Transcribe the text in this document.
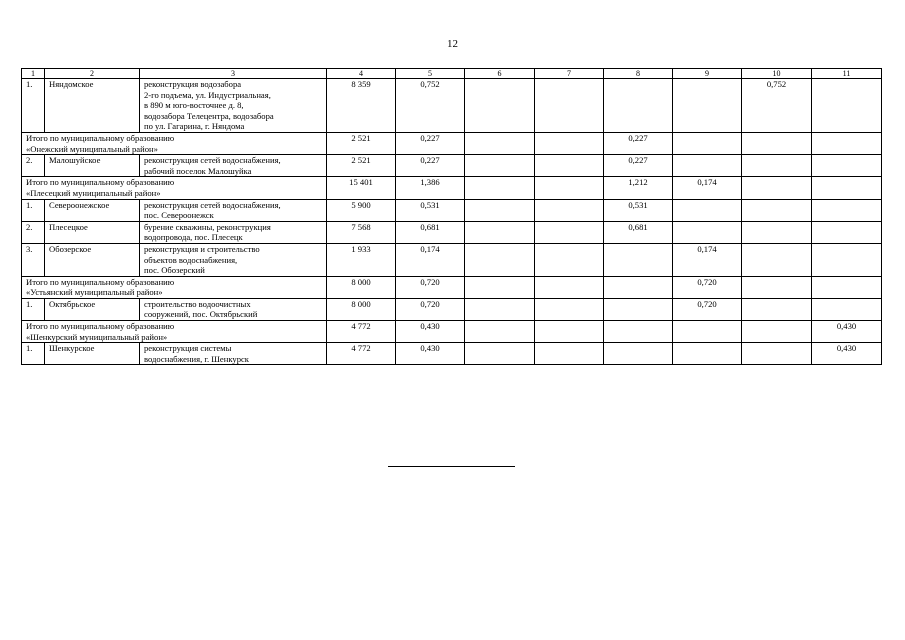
12
1	2	3	4	5	6	7	8	9	10	11
1.	Няндомское	реконструкция водозабора
2-го подъема, ул. Индустриальная,
в 890 м юго-восточнее д. 8,
водозабора Телецентра, водозабора
по ул. Гагарина, г. Няндома	8 359	0,752					0,752	

Итого по муниципальному образованию
«Онежский муниципальный район»			2 521	0,227			0,227			
2.	Малошуйское	реконструкция сетей водоснабжения,
рабочий поселок Малошуйка	2 521	0,227			0,227			

Итого по муниципальному образованию
«Плесецкий муниципальный район»			15 401	1,386			1,212	0,174		
1.	Североонежское	реконструкция сетей водоснабжения,
пос. Североонежск	5 900	0,531			0,531			
2.	Плесецкое	бурение скважины, реконструкция
водопровода, пос. Плесецк	7 568	0,681			0,681			
3.	Обозерское	реконструкция и строительство
объектов водоснабжения,
пос. Обозерский	1 933	0,174				0,174		

Итого по муниципальному образованию
«Устьянский муниципальный район»			8 000	0,720				0,720		
1.	Октябрьское	строительство водоочистных
сооружений, пос. Октябрьский	8 000	0,720				0,720		

Итого по муниципальному образованию
«Шенкурский муниципальный район»			4 772	0,430						0,430
1.	Шенкурское	реконструкция системы
водоснабжения, г. Шенкурск	4 772	0,430						0,430
